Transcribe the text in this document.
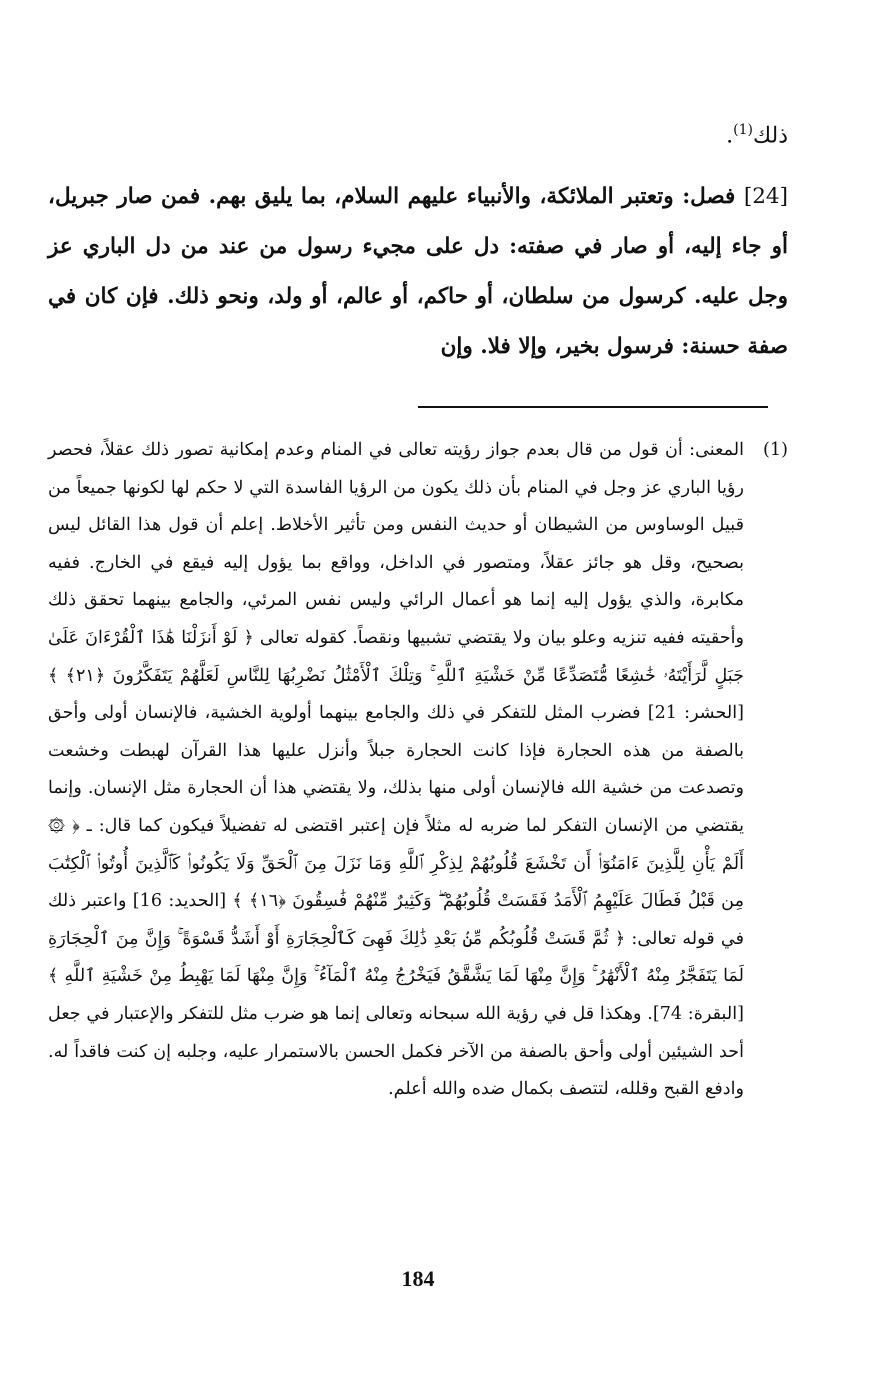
ذلك$^{(1)}$.

[24] فصل: وتعتبر الملائكة، والأنبياء عليهم السلام، بما يليق بهم. فمن صار جبريل، أو جاء إليه، أو صار في صفته: دل على مجيء رسول من عند من دل الباري عز وجل عليه. كرسول من سلطان، أو حاكم، أو عالم، أو ولد، ونحو ذلك. فإن كان في صفة حسنة: فرسول بخير، وإلا فلا. وإن

(1)
المعنى: أن قول من قال بعدم جواز رؤيته تعالى في المنام وعدم إمكانية تصور ذلك عقلاً، فحصر رؤيا الباري عز وجل في المنام بأن ذلك يكون من الرؤيا الفاسدة التي لا حكم لها لكونها جميعاً من قبيل الوساوس من الشيطان أو حديث النفس ومن تأثير الأخلاط. إعلم أن قول هذا القائل ليس بصحيح، وقل هو جائز عقلاً، ومتصور في الداخل، وواقع بما يؤول إليه فيقع في الخارج. ففيه مكابرة، والذي يؤول إليه إنما هو أعمال الرائي وليس نفس المرئي، والجامع بينهما تحقق ذلك وأحقيته ففيه تنزيه وعلو بيان ولا يقتضي تشبيها ونقصاً. كقوله تعالى ﴿ لَوْ أَنزَلْنَا هَٰذَا ٱلْقُرْءَانَ عَلَىٰ جَبَلٍ لَّرَأَيْتَهُۥ خَٰشِعًا مُّتَصَدِّعًا مِّنْ خَشْيَةِ ٱللَّهِ ۚ وَتِلْكَ ٱلْأَمْثَٰلُ نَضْرِبُهَا لِلنَّاسِ لَعَلَّهُمْ يَتَفَكَّرُونَ ﴿٢١﴾ ﴾ [الحشر: 21] فضرب المثل للتفكر في ذلك والجامع بينهما أولوية الخشية، فالإنسان أولى وأحق بالصفة من هذه الحجارة فإذا كانت الحجارة جبلاً وأنزل عليها هذا القرآن لهبطت وخشعت وتصدعت من خشية الله فالإنسان أولى منها بذلك، ولا يقتضي هذا أن الحجارة مثل الإنسان. وإنما يقتضي من الإنسان التفكر لما ضربه له مثلاً فإن إعتبر اقتضى له تفضيلاً فيكون كما قال: ـ ﴿ ۞ أَلَمْ يَأْنِ لِلَّذِينَ ءَامَنُوٓا۟ أَن تَخْشَعَ قُلُوبُهُمْ لِذِكْرِ ٱللَّهِ وَمَا نَزَلَ مِنَ ٱلْحَقِّ وَلَا يَكُونُوا۟ كَٱلَّذِينَ أُوتُوا۟ ٱلْكِتَٰبَ مِن قَبْلُ فَطَالَ عَلَيْهِمُ ٱلْأَمَدُ فَقَسَتْ قُلُوبُهُمْ ۖ وَكَثِيرٌ مِّنْهُمْ فَٰسِقُونَ ﴿١٦﴾ ﴾ [الحديد: 16] واعتبر ذلك في قوله تعالى: ﴿ ثُمَّ قَسَتْ قُلُوبُكُم مِّنۢ بَعْدِ ذَٰلِكَ فَهِىَ كَٱلْحِجَارَةِ أَوْ أَشَدُّ قَسْوَةً ۚ وَإِنَّ مِنَ ٱلْحِجَارَةِ لَمَا يَتَفَجَّرُ مِنْهُ ٱلْأَنْهَٰرُ ۚ وَإِنَّ مِنْهَا لَمَا يَشَّقَّقُ فَيَخْرُجُ مِنْهُ ٱلْمَآءُ ۚ وَإِنَّ مِنْهَا لَمَا يَهْبِطُ مِنْ خَشْيَةِ ٱللَّهِ ﴾ [البقرة: 74]. وهكذا قل في رؤية الله سبحانه وتعالى إنما هو ضرب مثل للتفكر والإعتبار في جعل أحد الشيئين أولى وأحق بالصفة من الآخر فكمل الحسن بالاستمرار عليه، وجلبه إن كنت فاقداً له. وادفع القبح وقلله، لتتصف بكمال ضده والله أعلم.
184
